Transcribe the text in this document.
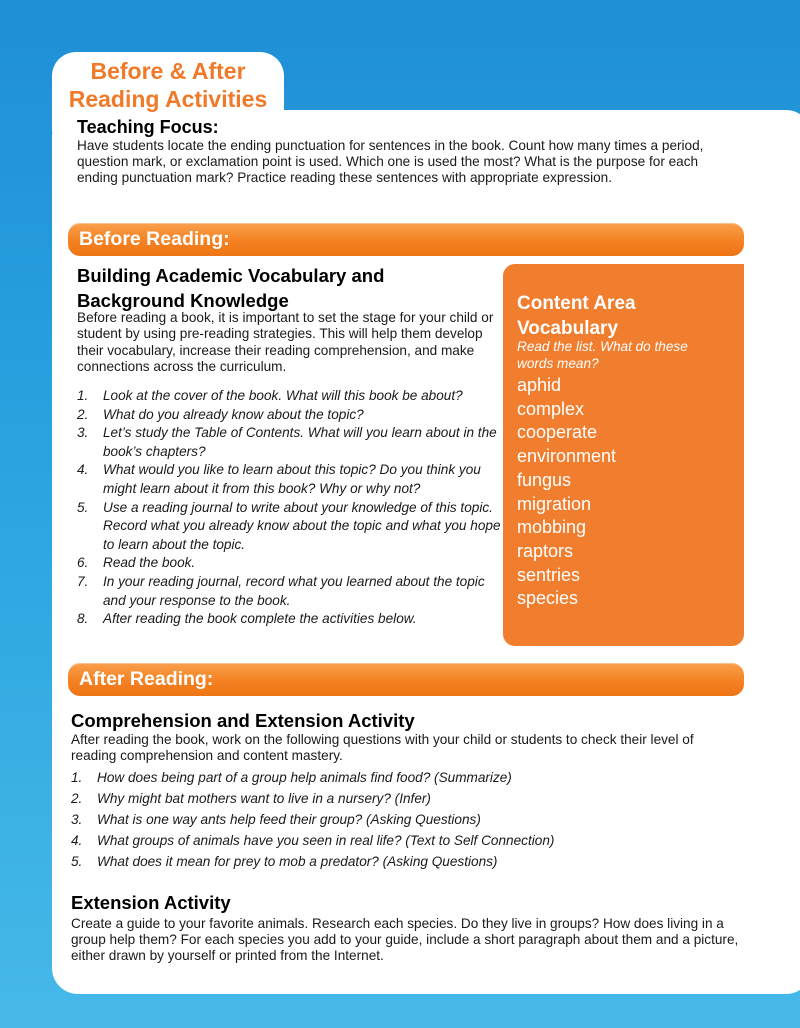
Before & After
Reading Activities
Teaching Focus:

Have students locate the ending punctuation for sentences in the book. Count how many times a period, question mark, or exclamation point is used. Which one is used the most? What is the purpose for each ending punctuation mark? Practice reading these sentences with appropriate expression.

Before Reading:
Building Academic Vocabulary and Background Knowledge

Before reading a book, it is important to set the stage for your child or student by using pre-reading strategies. This will help them develop their vocabulary, increase their reading comprehension, and make connections across the curriculum.

1. Look at the cover of the book. What will this book be about?
2. What do you already know about the topic?
3. Let’s study the Table of Contents. What will you learn about in the book’s chapters?
4. What would you like to learn about this topic? Do you think you might learn about it from this book? Why or why not?
5. Use a reading journal to write about your knowledge of this topic. Record what you already know about the topic and what you hope to learn about the topic.
6. Read the book.
7. In your reading journal, record what you learned about the topic and your response to the book.
8. After reading the book complete the activities below.
Content Area Vocabulary
Read the list. What do these words mean?
aphid
complex
cooperate
environment
fungus
migration
mobbing
raptors
sentries
species
After Reading:
Comprehension and Extension Activity

After reading the book, work on the following questions with your child or students to check their level of reading comprehension and content mastery.

1. How does being part of a group help animals find food? (Summarize)
2. Why might bat mothers want to live in a nursery? (Infer)
3. What is one way ants help feed their group? (Asking Questions)
4. What groups of animals have you seen in real life? (Text to Self Connection)
5. What does it mean for prey to mob a predator? (Asking Questions)
Extension Activity

Create a guide to your favorite animals. Research each species. Do they live in groups? How does living in a group help them? For each species you add to your guide, include a short paragraph about them and a picture, either drawn by yourself or printed from the Internet.
